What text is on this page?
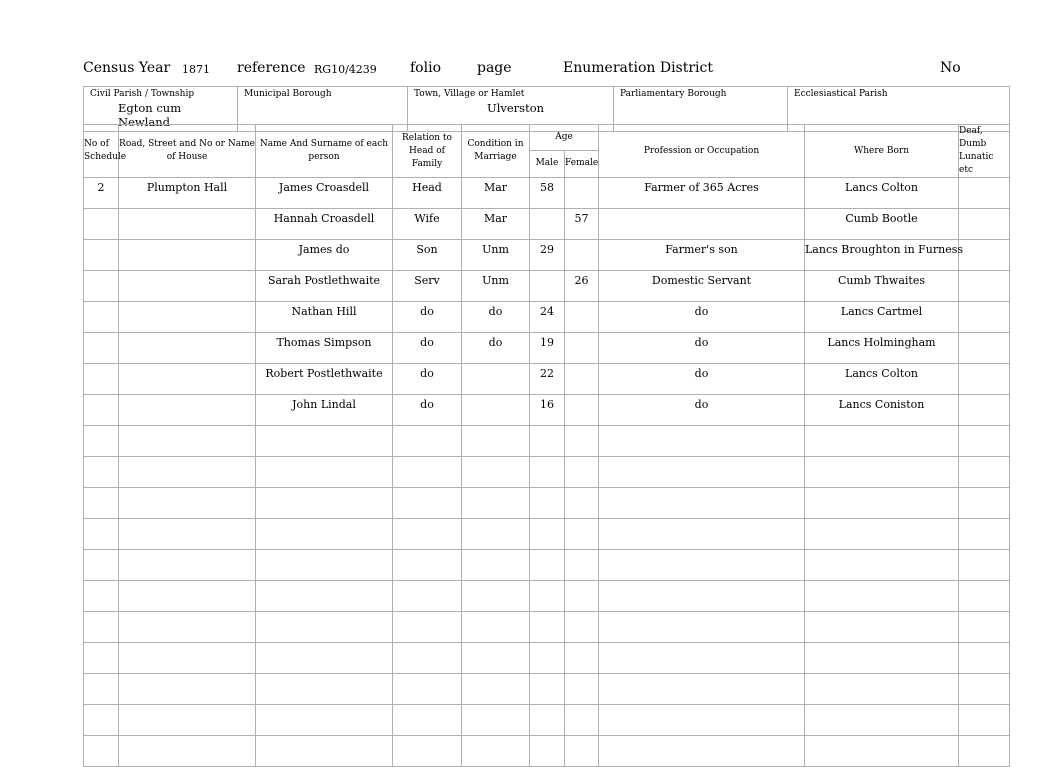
Census Year 1871 reference RG10/4239 folio	page	Enumeration District	No
Civil Parish / Township
Egton cum Newland
	Municipal Borough	Town, Village or Hamlet
Ulverston
	Parliamentary Borough	Ecclesiastical Parish
No of Schedule	Road, Street and No or Name of House	Name And Surname of each person	Relation to Head of Family	Condition in Marriage	Age		Profession or Occupation	Where Born	Deaf, Dumb Lunatic etc
					Male	Female			
2	Plumpton Hall	James Croasdell	Head	Mar	58		Farmer of 365 Acres	Lancs Colton	
		Hannah Croasdell	Wife	Mar		57		Cumb Bootle	
		James do	Son	Unm	29		Farmer's son	Lancs Broughton in Furness	
		Sarah Postlethwaite	Serv	Unm		26	Domestic Servant	Cumb Thwaites	
		Nathan Hill	do	do	24		do	Lancs Cartmel	
		Thomas Simpson	do	do	19		do	Lancs Holmingham	
		Robert Postlethwaite	do		22		do	Lancs Colton	
		John Lindal	do		16		do	Lancs Coniston	
